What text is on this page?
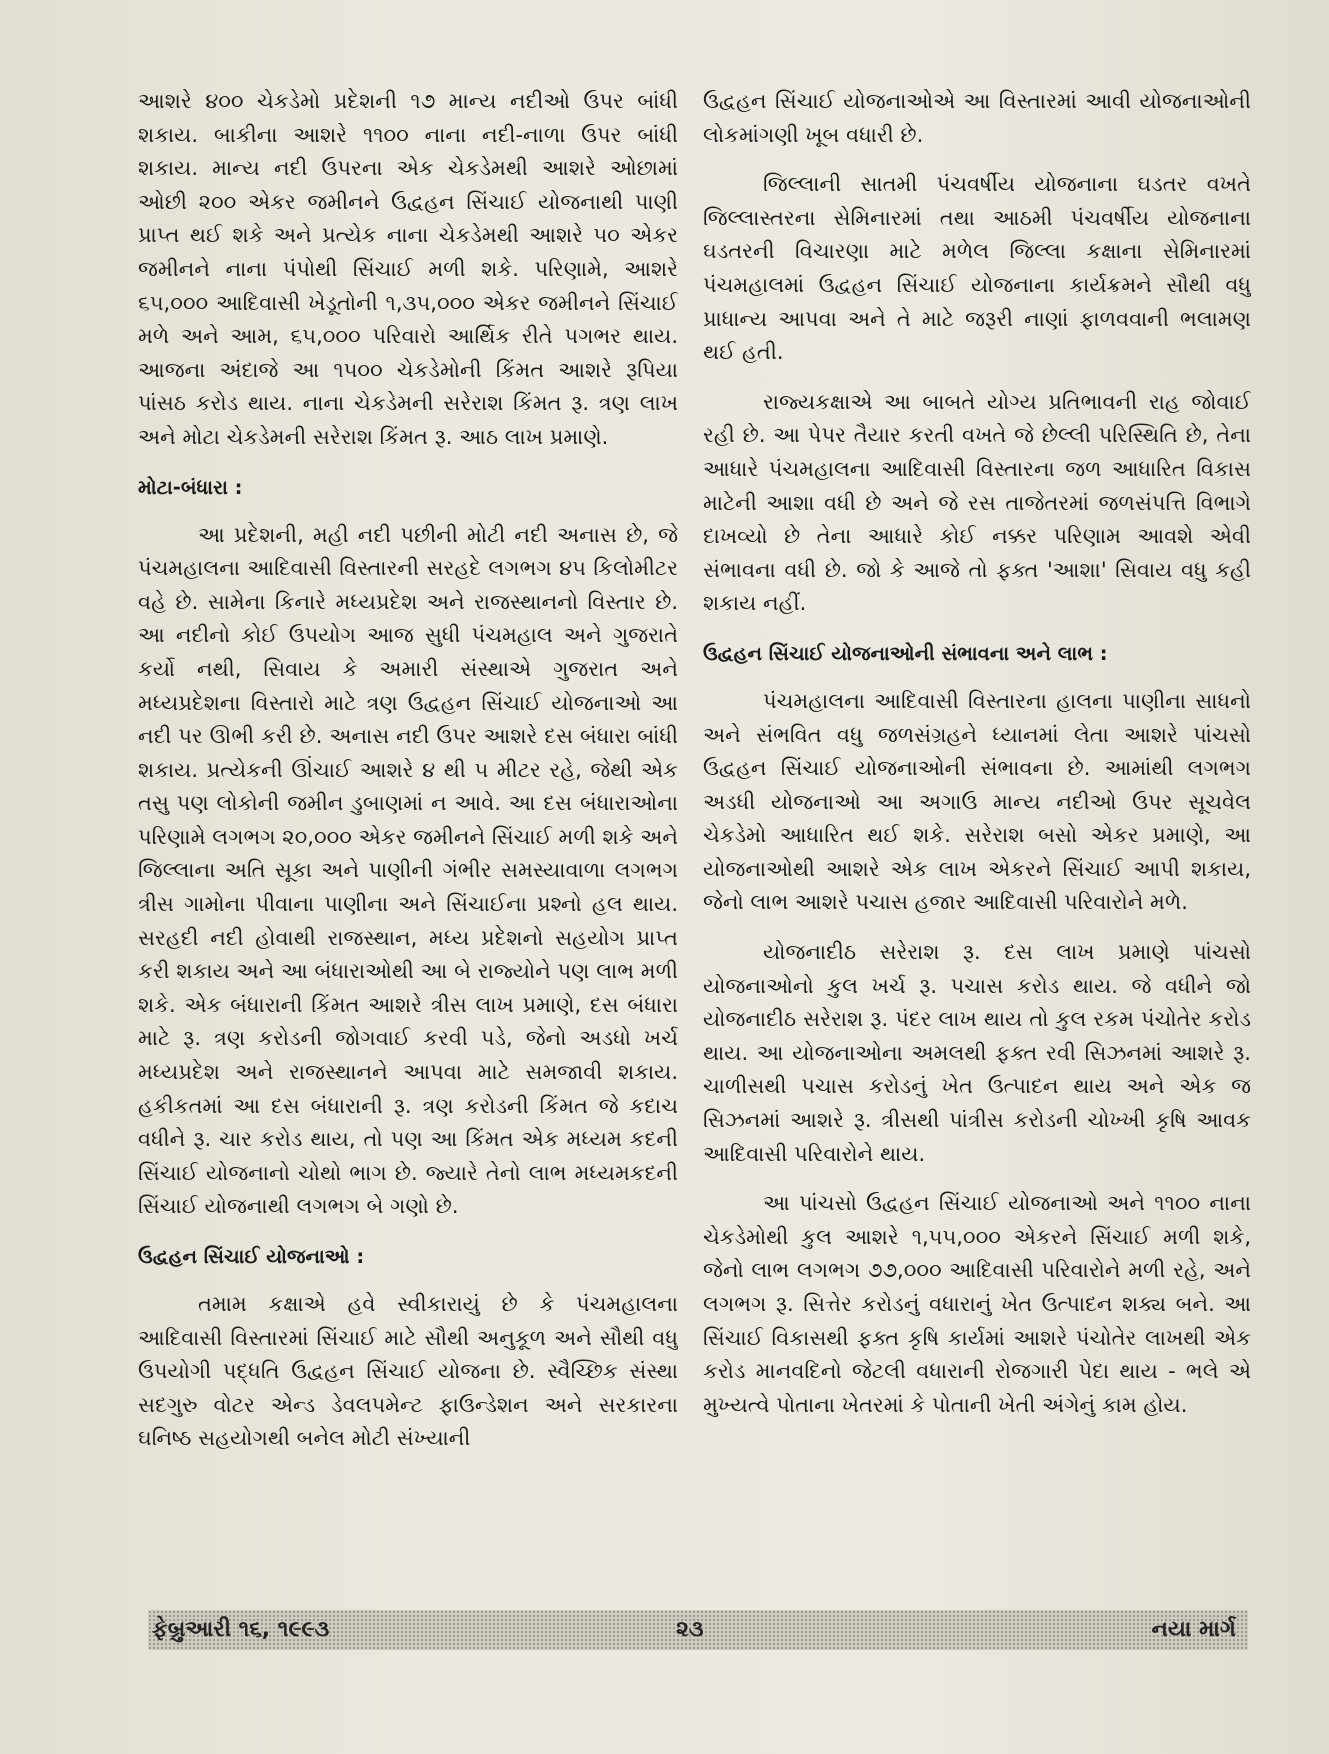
આશરે ૪૦૦ ચેકડેમો પ્રદેશની ૧૭ માન્ય નદીઓ ઉપર બાંધી શકાય. બાકીના આશરે ૧૧૦૦ નાના નદી-નાળા ઉપર બાંધી શકાય. માન્ય નદી ઉપરના એક ચેકડેમથી આશરે ઓછામાં ઓછી ૨૦૦ એકર જમીનને ઉદ્વહન સિંચાઈ યોજનાથી પાણી પ્રાપ્ત થઈ શકે અને પ્રત્યેક નાના ચેકડેમથી આશરે ૫૦ એકર જમીનને નાના પંપોથી સિંચાઈ મળી શકે. પરિણામે, આશરે ૬૫,૦૦૦ આદિવાસી ખેડૂતોની ૧,૩૫,૦૦૦ એકર જમીનને સિંચાઈ મળે અને આમ, ૬૫,૦૦૦ પરિવારો આર્થિક રીતે પગભર થાય. આજના અંદાજે આ ૧૫૦૦ ચેકડેમોની કિંમત આશરે રૂપિયા પાંસઠ કરોડ થાય. નાના ચેકડેમની સરેરાશ કિંમત રૂ. ત્રણ લાખ અને મોટા ચેકડેમની સરેરાશ કિંમત રૂ. આઠ લાખ પ્રમાણે.

મોટા-બંધારા :

આ પ્રદેશની, મહી નદી પછીની મોટી નદી અનાસ છે, જે પંચમહાલના આદિવાસી વિસ્તારની સરહદે લગભગ ૪૫ કિલોમીટર વહે છે. સામેના કિનારે મધ્યપ્રદેશ અને રાજસ્થાનનો વિસ્તાર છે. આ નદીનો કોઈ ઉપયોગ આજ સુધી પંચમહાલ અને ગુજરાતે કર્યો નથી, સિવાય કે અમારી સંસ્થાએ ગુજરાત અને મધ્યપ્રદેશના વિસ્તારો માટે ત્રણ ઉદ્વહન સિંચાઈ યોજનાઓ આ નદી પર ઊભી કરી છે. અનાસ નદી ઉપર આશરે દસ બંધારા બાંધી શકાય. પ્રત્યેકની ઊંચાઈ આશરે ૪ થી ૫ મીટર રહે, જેથી એક તસુ પણ લોકોની જમીન ડુબાણમાં ન આવે. આ દસ બંધારાઓના પરિણામે લગભગ ૨૦,૦૦૦ એકર જમીનને સિંચાઈ મળી શકે અને જિલ્લાના અતિ સૂકા અને પાણીની ગંભીર સમસ્યાવાળા લગભગ ત્રીસ ગામોના પીવાના પાણીના અને સિંચાઈના પ્રશ્નો હલ થાય. સરહદી નદી હોવાથી રાજસ્થાન, મધ્ય પ્રદેશનો સહયોગ પ્રાપ્ત કરી શકાય અને આ બંધારાઓથી આ બે રાજ્યોને પણ લાભ મળી શકે. એક બંધારાની કિંમત આશરે ત્રીસ લાખ પ્રમાણે, દસ બંધારા માટે રૂ. ત્રણ કરોડની જોગવાઈ કરવી પડે, જેનો અડધો ખર્ચ મધ્યપ્રદેશ અને રાજસ્થાનને આપવા માટે સમજાવી શકાય. હકીકતમાં આ દસ બંધારાની રૂ. ત્રણ કરોડની કિંમત જે કદાચ વધીને રૂ. ચાર કરોડ થાય, તો પણ આ કિંમત એક મધ્યમ કદની સિંચાઈ યોજનાનો ચોથો ભાગ છે. જ્યારે તેનો લાભ મધ્યમકદની સિંચાઈ યોજનાથી લગભગ બે ગણો છે.

ઉદ્વહન સિંચાઈ યોજનાઓ :

તમામ કક્ષાએ હવે સ્વીકારાયું છે કે પંચમહાલના આદિવાસી વિસ્તારમાં સિંચાઈ માટે સૌથી અનુકૂળ અને સૌથી વધુ ઉપયોગી પદ્ધતિ ઉદ્વહન સિંચાઈ યોજના છે. સ્વૈચ્છિક સંસ્થા સદગુરુ વોટર એન્ડ ડેવલપમેન્ટ ફાઉન્ડેશન અને સરકારના ઘનિષ્ઠ સહયોગથી બનેલ મોટી સંખ્યાની

ઉદ્વહન સિંચાઈ યોજનાઓએ આ વિસ્તારમાં આવી યોજનાઓની લોકમાંગણી ખૂબ વધારી છે.

જિલ્લાની સાતમી પંચવર્ષીય યોજનાના ઘડતર વખતે જિલ્લાસ્તરના સેમિનારમાં તથા આઠમી પંચવર્ષીય યોજનાના ઘડતરની વિચારણા માટે મળેલ જિલ્લા કક્ષાના સેમિનારમાં પંચમહાલમાં ઉદ્વહન સિંચાઈ યોજનાના કાર્યક્રમને સૌથી વધુ પ્રાધાન્ય આપવા અને તે માટે જરૂરી નાણાં ફાળવવાની ભલામણ થઈ હતી.

રાજ્યકક્ષાએ આ બાબતે યોગ્ય પ્રતિભાવની રાહ જોવાઈ રહી છે. આ પેપર તૈયાર કરતી વખતે જે છેલ્લી પરિસ્થિતિ છે, તેના આધારે પંચમહાલના આદિવાસી વિસ્તારના જળ આધારિત વિકાસ માટેની આશા વધી છે અને જે રસ તાજેતરમાં જળસંપત્તિ વિભાગે દાખવ્યો છે તેના આધારે કોઈ નક્કર પરિણામ આવશે એવી સંભાવના વધી છે. જો કે આજે તો ફક્ત 'આશા' સિવાય વધુ કહી શકાય નહીં.

ઉદ્વહન સિંચાઈ યોજનાઓની સંભાવના અને લાભ :

પંચમહાલના આદિવાસી વિસ્તારના હાલના પાણીના સાધનો અને સંભવિત વધુ જળસંગ્રહને ધ્યાનમાં લેતા આશરે પાંચસો ઉદ્વહન સિંચાઈ યોજનાઓની સંભાવના છે. આમાંથી લગભગ અડધી યોજનાઓ આ અગાઉ માન્ય નદીઓ ઉપર સૂચવેલ ચેકડેમો આધારિત થઈ શકે. સરેરાશ બસો એકર પ્રમાણે, આ યોજનાઓથી આશરે એક લાખ એકરને સિંચાઈ આપી શકાય, જેનો લાભ આશરે પચાસ હજાર આદિવાસી પરિવારોને મળે.

યોજનાદીઠ સરેરાશ રૂ. દસ લાખ પ્રમાણે પાંચસો યોજનાઓનો કુલ ખર્ચ રૂ. પચાસ કરોડ થાય. જે વધીને જો યોજનાદીઠ સરેરાશ રૂ. પંદર લાખ થાય તો કુલ રકમ પંચોતેર કરોડ થાય. આ યોજનાઓના અમલથી ફક્ત રવી સિઝનમાં આશરે રૂ. ચાળીસથી પચાસ કરોડનું ખેત ઉત્પાદન થાય અને એક જ સિઝનમાં આશરે રૂ. ત્રીસથી પાંત્રીસ કરોડની ચોખ્ખી કૃષિ આવક આદિવાસી પરિવારોને થાય.

આ પાંચસો ઉદ્વહન સિંચાઈ યોજનાઓ અને ૧૧૦૦ નાના ચેકડેમોથી કુલ આશરે ૧,૫૫,૦૦૦ એકરને સિંચાઈ મળી શકે, જેનો લાભ લગભગ ૭૭,૦૦૦ આદિવાસી પરિવારોને મળી રહે, અને લગભગ રૂ. સિત્તેર કરોડનું વધારાનું ખેત ઉત્પાદન શક્ય બને. આ સિંચાઈ વિકાસથી ફક્ત કૃષિ કાર્યમાં આશરે પંચોતેર લાખથી એક કરોડ માનવદિનો જેટલી વધારાની રોજગારી પેદા થાય - ભલે એ મુખ્યત્વે પોતાના ખેતરમાં કે પોતાની ખેતી અંગેનું કામ હોય.

ફેબ્રુઆરી ૧૬, ૧૯૯૩	૨૩	નયા માર્ગ
